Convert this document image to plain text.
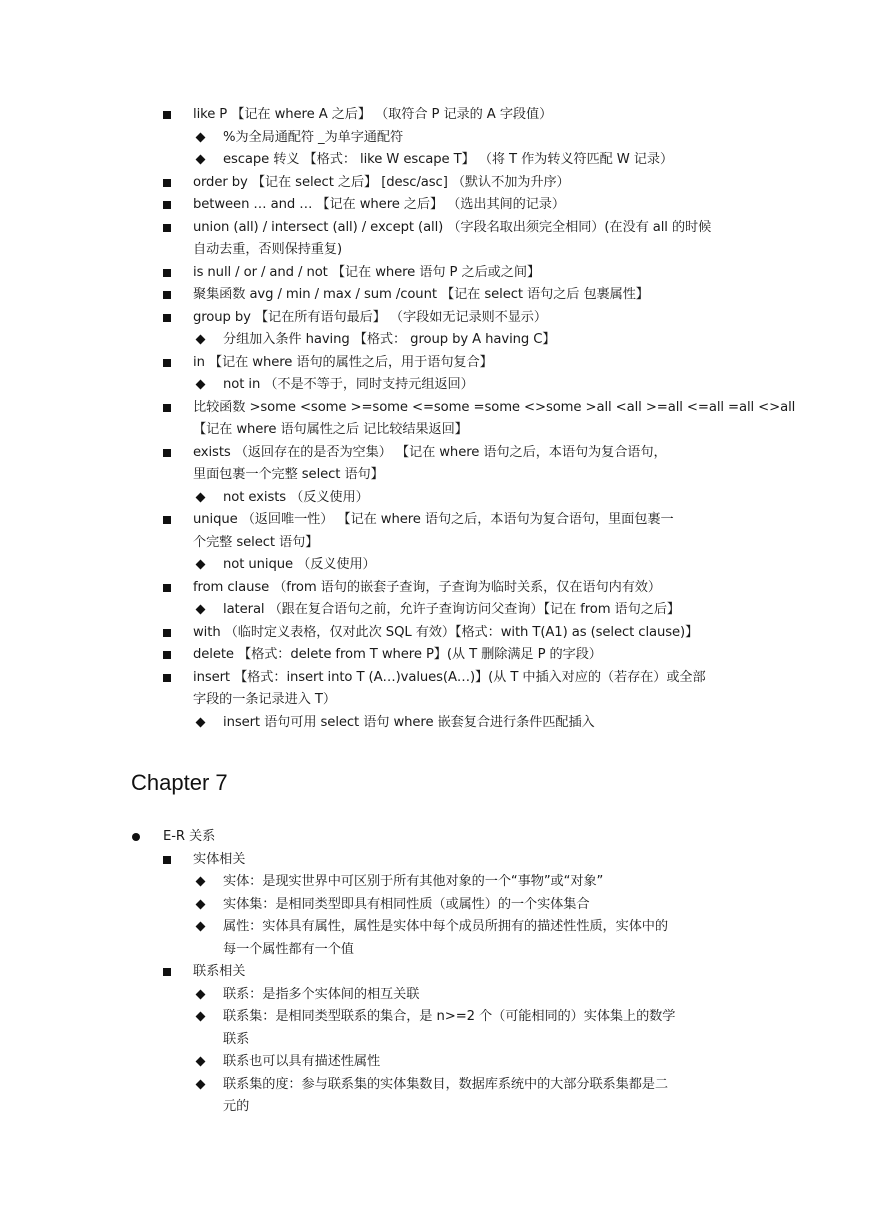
like P 【记在 where A 之后】 （取符合 P 记录的 A 字段值）
%为全局通配符 _为单字通配符
escape 转义 【格式： like W escape T】 （将 T 作为转义符匹配 W 记录）
order by 【记在 select 之后】 [desc/asc] （默认不加为升序）
between … and … 【记在 where 之后】 （选出其间的记录）
union (all) / intersect (all) / except (all) （字段名取出须完全相同）(在没有 all 的时候
自动去重，否则保持重复)
is null / or / and / not 【记在 where 语句 P 之后或之间】
聚集函数 avg / min / max / sum /count 【记在 select 语句之后 包裹属性】
group by 【记在所有语句最后】 （字段如无记录则不显示）
分组加入条件 having 【格式： group by A having C】
in 【记在 where 语句的属性之后，用于语句复合】
not in （不是不等于，同时支持元组返回）
比较函数 >some <some >=some <=some =some <>some >all <all >=all <=all =all <>all
【记在 where 语句属性之后 记比较结果返回】
exists （返回存在的是否为空集） 【记在 where 语句之后，本语句为复合语句，
里面包裹一个完整 select 语句】
not exists （反义使用）
unique （返回唯一性） 【记在 where 语句之后，本语句为复合语句，里面包裹一
个完整 select 语句】
not unique （反义使用）
from clause （from 语句的嵌套子查询，子查询为临时关系，仅在语句内有效）
lateral （跟在复合语句之前，允许子查询访问父查询）【记在 from 语句之后】
with （临时定义表格，仅对此次 SQL 有效）【格式：with T(A1) as (select clause)】
delete 【格式：delete from T where P】(从 T 删除满足 P 的字段）
insert 【格式：insert into T (A…)values(A…)】(从 T 中插入对应的（若存在）或全部
字段的一条记录进入 T）
insert 语句可用 select 语句 where 嵌套复合进行条件匹配插入
Chapter 7
E-R 关系
实体相关
实体：是现实世界中可区别于所有其他对象的一个“事物”或“对象”
实体集：是相同类型即具有相同性质（或属性）的一个实体集合
属性：实体具有属性，属性是实体中每个成员所拥有的描述性性质，实体中的
每一个属性都有一个值
联系相关
联系：是指多个实体间的相互关联
联系集：是相同类型联系的集合，是 n>=2 个（可能相同的）实体集上的数学
联系
联系也可以具有描述性属性
联系集的度：参与联系集的实体集数目，数据库系统中的大部分联系集都是二
元的
